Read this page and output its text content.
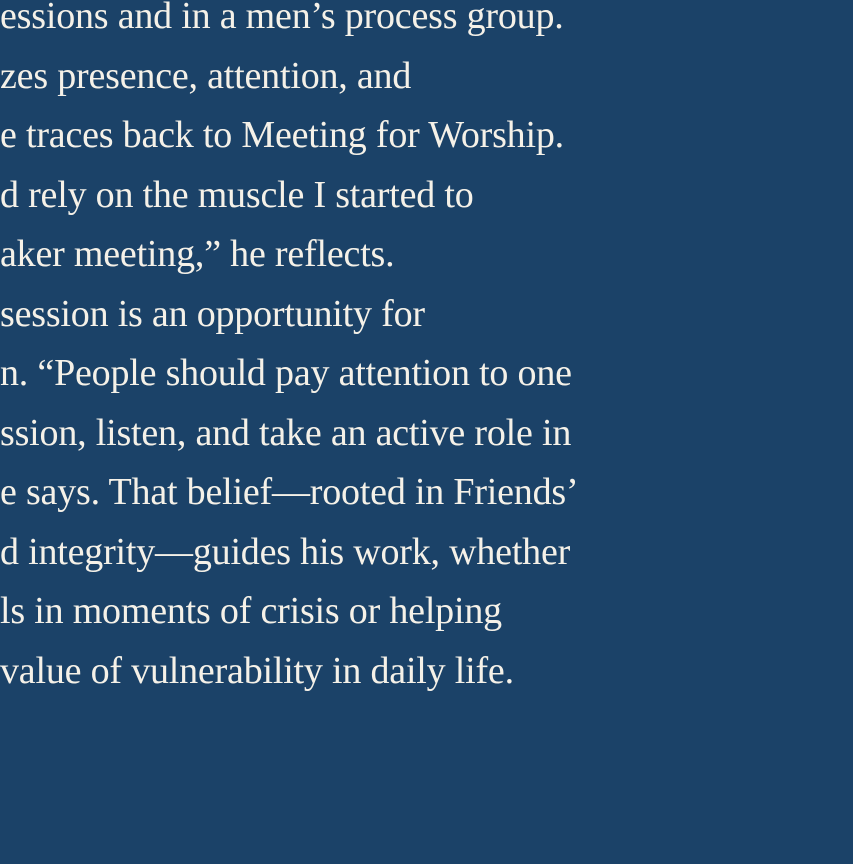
essions and in a men’s process group.
zes presence, attention, and
e traces back to Meeting for Worship.
d rely on the muscle I started to
aker meeting,” he reflects.
session is an opportunity for
n. “People should pay attention to one
ssion, listen, and take an active role in
e says. That belief—rooted in Friends’
d integrity—guides his work, whether
ls in moments of crisis or helping
value of vulnerability in daily life.
